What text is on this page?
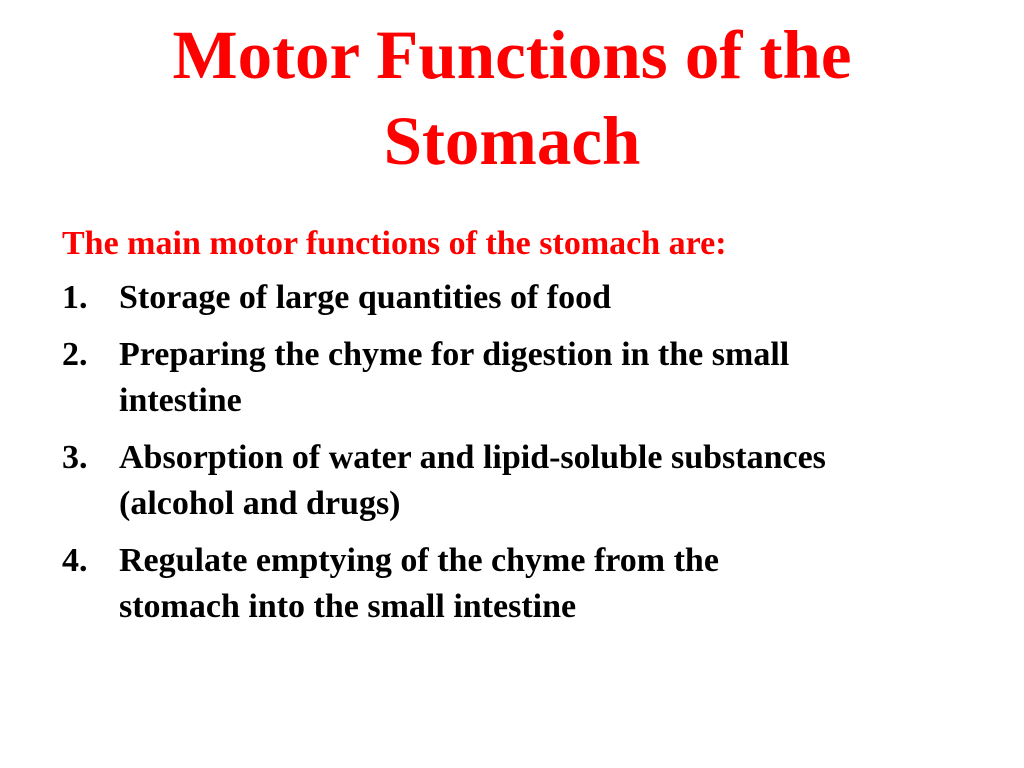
Motor Functions of the
Stomach

The main motor functions of the stomach are:

1. Storage of large quantities of food
2. Preparing the chyme for digestion in the small
intestine
3. Absorption of water and lipid-soluble substances
(alcohol and drugs)
4. Regulate emptying of the chyme from the
stomach into the small intestine
